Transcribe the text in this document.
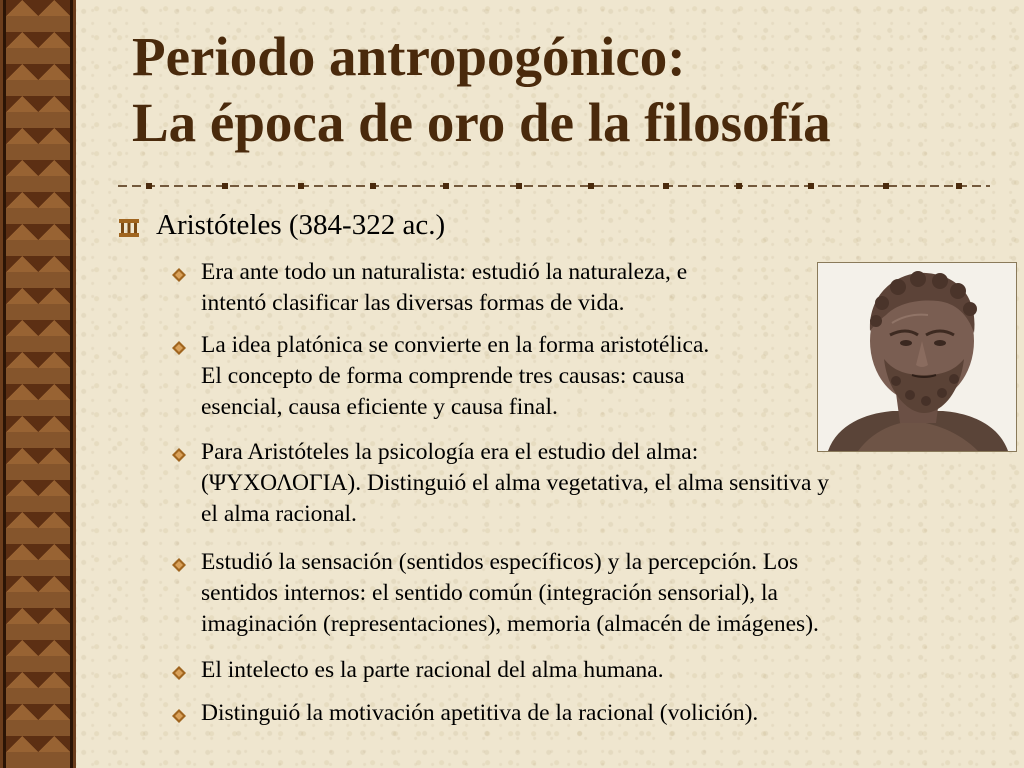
Periodo antropogónico:
La época de oro de la filosofía
Aristóteles (384-322 ac.)
Era ante todo un naturalista: estudió la naturaleza, e
intentó clasificar las diversas formas de vida.
La idea platónica se convierte en la forma aristotélica.
El concepto de forma comprende tres causas: causa
esencial, causa eficiente y causa final.
Para Aristóteles la psicología era el estudio del alma:
(ΨΥΧΟΛΟΓΙΑ). Distinguió el alma vegetativa, el alma sensitiva y
el alma racional.
Estudió la sensación (sentidos específicos) y la percepción. Los
sentidos internos: el sentido común (integración sensorial), la
imaginación (representaciones), memoria (almacén de imágenes).
El intelecto es la parte racional del alma humana.
Distinguió la motivación apetitiva de la racional (volición).
